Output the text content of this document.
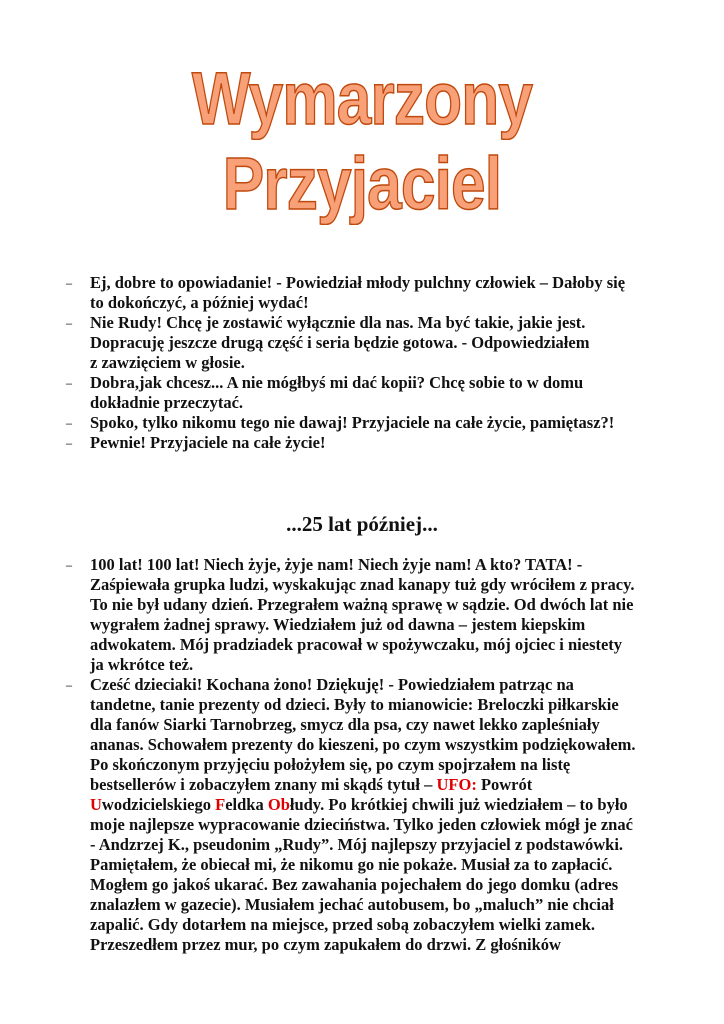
Wymarzony
Przyjaciel
– Ej, dobre to opowiadanie! - Powiedział młody pulchny człowiek – Dałoby się
to dokończyć, a później wydać!
– Nie Rudy! Chcę je zostawić wyłącznie dla nas. Ma być takie, jakie jest.
Dopracuję jeszcze drugą część i seria będzie gotowa. - Odpowiedziałem
z zawzięciem w głosie.
– Dobra,jak chcesz... A nie mógłbyś mi dać kopii? Chcę sobie to w domu
dokładnie przeczytać.
– Spoko, tylko nikomu tego nie dawaj! Przyjaciele na całe życie, pamiętasz?!
– Pewnie! Przyjaciele na całe życie!
...25 lat później...
– 100 lat! 100 lat! Niech żyje, żyje nam! Niech żyje nam! A kto? TATA! -
Zaśpiewała grupka ludzi, wyskakując znad kanapy tuż gdy wróciłem z pracy.
To nie był udany dzień. Przegrałem ważną sprawę w sądzie. Od dwóch lat nie
wygrałem żadnej sprawy. Wiedziałem już od dawna – jestem kiepskim
adwokatem. Mój pradziadek pracował w spożywczaku, mój ojciec i niestety
ja wkrótce też.
– Cześć dzieciaki! Kochana żono! Dziękuję! - Powiedziałem patrząc na
tandetne, tanie prezenty od dzieci. Były to mianowicie: Breloczki piłkarskie
dla fanów Siarki Tarnobrzeg, smycz dla psa, czy nawet lekko zapleśniały
ananas. Schowałem prezenty do kieszeni, po czym wszystkim podziękowałem.
Po skończonym przyjęciu położyłem się, po czym spojrzałem na listę
bestsellerów i zobaczyłem znany mi skądś tytuł – UFO: Powrót
Uwodzicielskiego Feldka Obłudy. Po krótkiej chwili już wiedziałem – to było
moje najlepsze wypracowanie dzieciństwa. Tylko jeden człowiek mógł je znać
- Andzrzej K., pseudonim „Rudy”. Mój najlepszy przyjaciel z podstawówki.
Pamiętałem, że obiecał mi, że nikomu go nie pokaże. Musiał za to zapłacić.
Mogłem go jakoś ukarać. Bez zawahania pojechałem do jego domku (adres
znalazłem w gazecie). Musiałem jechać autobusem, bo „maluch” nie chciał
zapalić. Gdy dotarłem na miejsce, przed sobą zobaczyłem wielki zamek.
Przeszedłem przez mur, po czym zapukałem do drzwi. Z głośników
